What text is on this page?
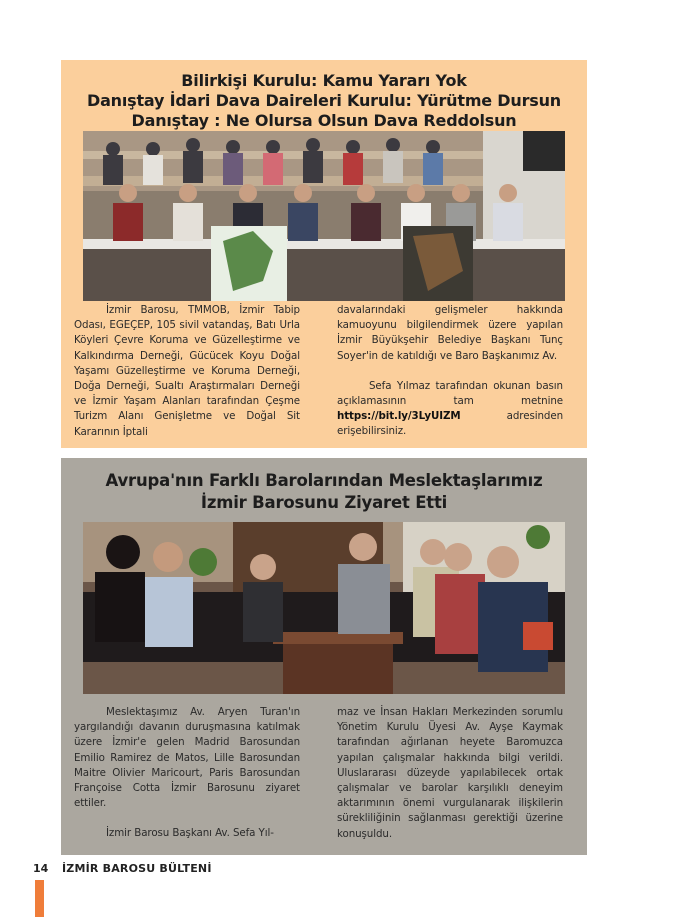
Bilirkişi Kurulu: Kamu Yararı Yok
Danıştay İdari Dava Daireleri Kurulu: Yürütme Dursun
Danıştay : Ne Olursa Olsun Dava Reddolsun

İzmir Barosu, TMMOB, İzmir Tabip Odası, EGEÇEP, 105 sivil vatandaş, Batı Urla Köyleri Çevre Koruma ve Güzelleştirme ve Kalkındırma Derneği, Gücücek Koyu Doğal Yaşamı Güzelleştirme ve Koruma Derneği, Doğa Derneği, Sualtı Araştırmaları Derneği ve İzmir Yaşam Alanları tarafından Çeşme Turizm Alanı Genişletme ve Doğal Sit Kararının İptali

davalarındaki gelişmeler hakkında kamuoyunu bilgilendirmek üzere yapılan İzmir Büyükşehir Belediye Başkanı Tunç Soyer'in de katıldığı ve Baro Başkanımız Av.

Sefa Yılmaz tarafından okunan basın açıklamasının tam metnine https://bit.ly/3LyUIZM adresinden erişebilirsiniz.

Avrupa'nın Farklı Barolarından Meslektaşlarımız
İzmir Barosunu Ziyaret Etti

Meslektaşımız Av. Aryen Turan'ın yargılandığı davanın duruşmasına katılmak üzere İzmir'e gelen Madrid Barosundan Emilio Ramirez de Matos, Lille Barosundan Maitre Olivier Maricourt, Paris Barosundan Françoise Cotta İzmir Barosunu ziyaret ettiler.

İzmir Barosu Başkanı Av. Sefa Yıl-

maz ve İnsan Hakları Merkezinden sorumlu Yönetim Kurulu Üyesi Av. Ayşe Kaymak tarafından ağırlanan heyete Baromuzca yapılan çalışmalar hakkında bilgi verildi. Uluslararası düzeyde yapılabilecek ortak çalışmalar ve barolar karşılıklı deneyim aktarımının önemi vurgulanarak ilişkilerin sürekliliğinin sağlanması gerektiği üzerine konuşuldu.

14 İZMİR BAROSU BÜLTENİ
